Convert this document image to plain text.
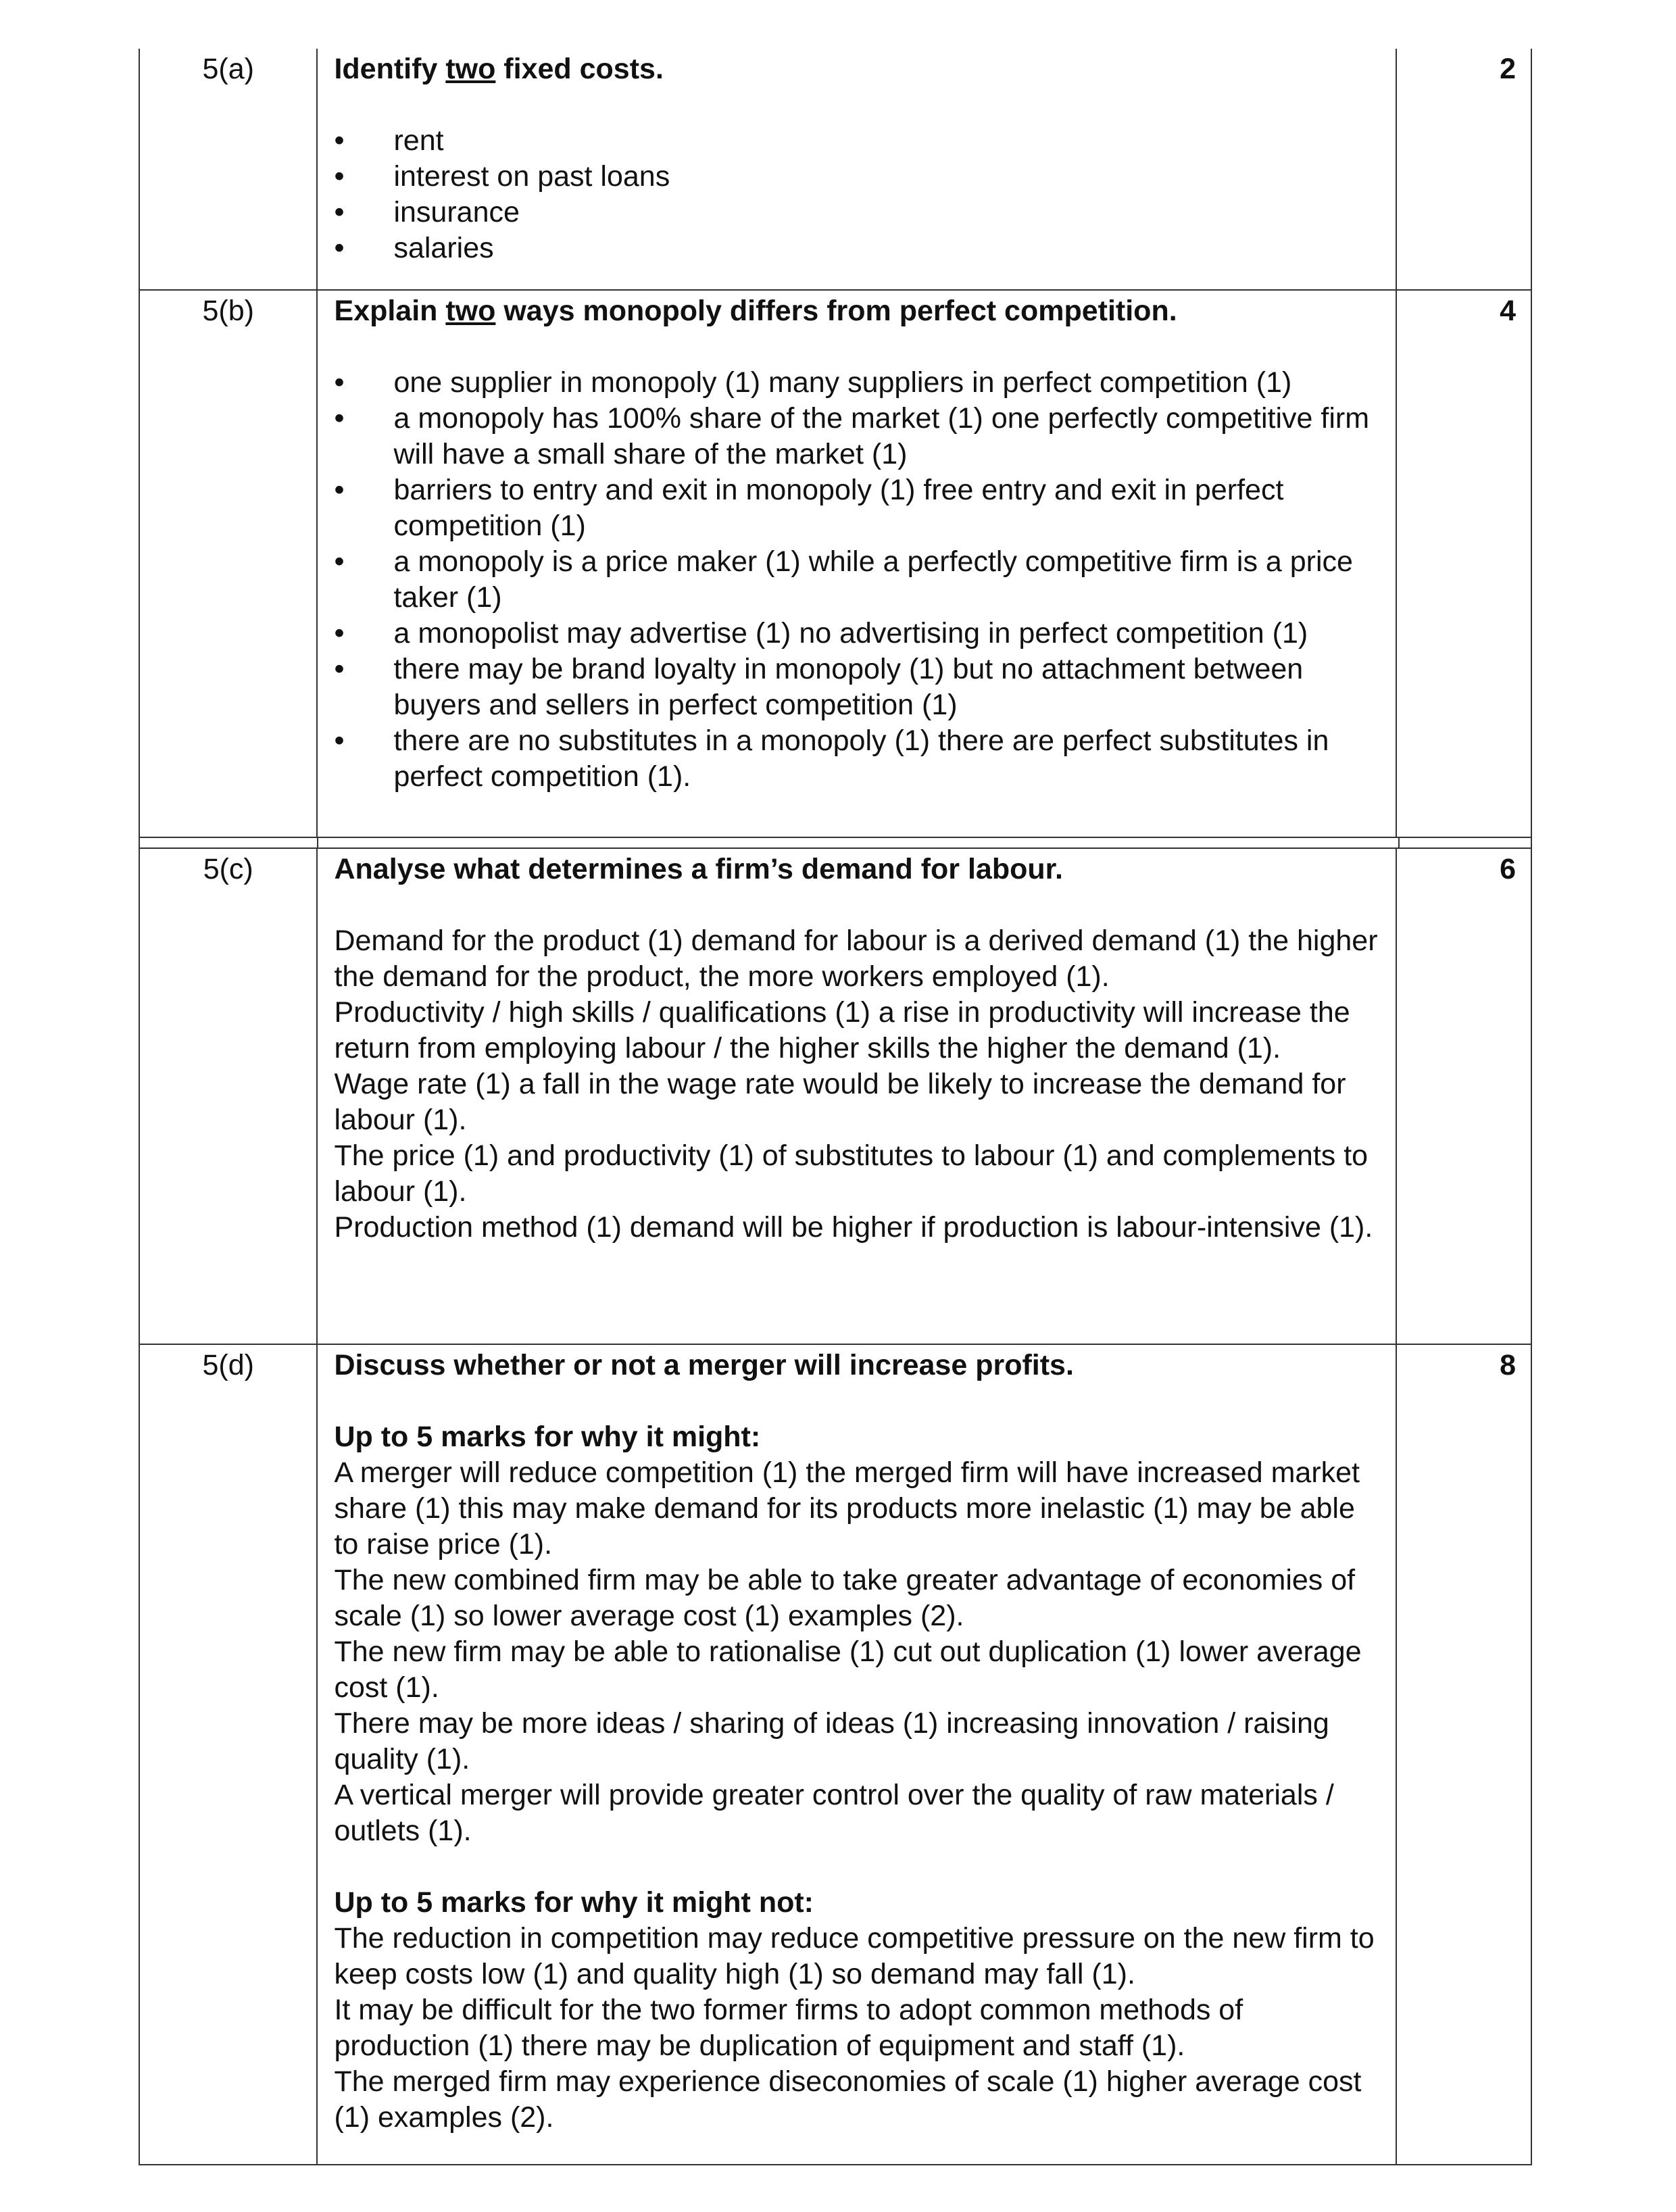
5(a)	Identify two fixed costs.

• rent
• interest on past loans
• insurance
• salaries
2
5(b)	Explain two ways monopoly differs from perfect competition.

• one supplier in monopoly (1) many suppliers in perfect competition (1)
• a monopoly has 100% share of the market (1) one perfectly competitive firm will have a small share of the market (1)
• barriers to entry and exit in monopoly (1) free entry and exit in perfect competition (1)
• a monopoly is a price maker (1) while a perfectly competitive firm is a price taker (1)
• a monopolist may advertise (1) no advertising in perfect competition (1)
• there may be brand loyalty in monopoly (1) but no attachment between buyers and sellers in perfect competition (1)
• there are no substitutes in a monopoly (1) there are perfect substitutes in perfect competition (1).
4
5(c)	Analyse what determines a firm’s demand for labour.

Demand for the product (1) demand for labour is a derived demand (1) the higher the demand for the product, the more workers employed (1).

Productivity / high skills / qualifications (1) a rise in productivity will increase the return from employing labour / the higher skills the higher the demand (1).

Wage rate (1) a fall in the wage rate would be likely to increase the demand for labour (1).

The price (1) and productivity (1) of substitutes to labour (1) and complements to labour (1).

Production method (1) demand will be higher if production is labour-intensive (1).

6
5(d)	Discuss whether or not a merger will increase profits.

Up to 5 marks for why it might:

A merger will reduce competition (1) the merged firm will have increased market share (1) this may make demand for its products more inelastic (1) may be able to raise price (1).

The new combined firm may be able to take greater advantage of economies of scale (1) so lower average cost (1) examples (2).

The new firm may be able to rationalise (1) cut out duplication (1) lower average cost (1).

There may be more ideas / sharing of ideas (1) increasing innovation / raising quality (1).

A vertical merger will provide greater control over the quality of raw materials / outlets (1).

Up to 5 marks for why it might not:

The reduction in competition may reduce competitive pressure on the new firm to keep costs low (1) and quality high (1) so demand may fall (1).

It may be difficult for the two former firms to adopt common methods of production (1) there may be duplication of equipment and staff (1).

The merged firm may experience diseconomies of scale (1) higher average cost (1) examples (2).

8
